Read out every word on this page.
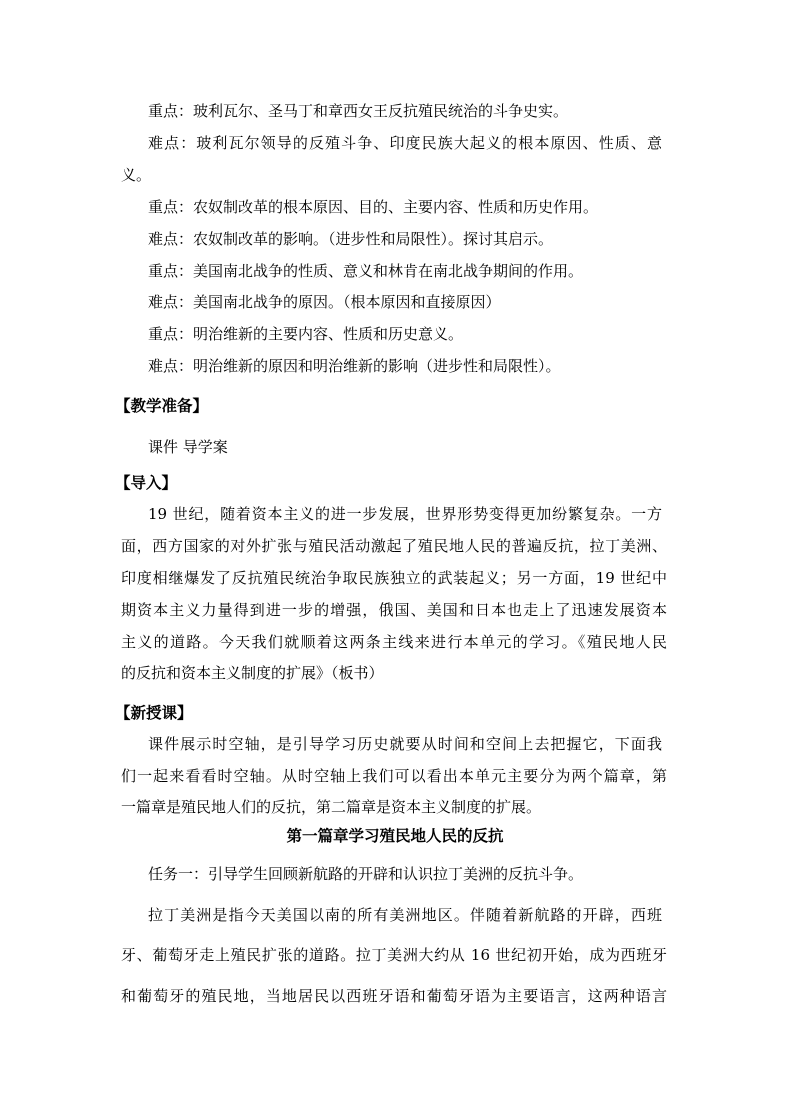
重点：玻利瓦尔、圣马丁和章西女王反抗殖民统治的斗争史实。
难点：玻利瓦尔领导的反殖斗争、印度民族大起义的根本原因、性质、意
义。
重点：农奴制改革的根本原因、目的、主要内容、性质和历史作用。
难点：农奴制改革的影响。（进步性和局限性）。探讨其启示。
重点：美国南北战争的性质、意义和林肯在南北战争期间的作用。
难点：美国南北战争的原因。（根本原因和直接原因）
重点：明治维新的主要内容、性质和历史意义。
难点：明治维新的原因和明治维新的影响（进步性和局限性）。
【教学准备】
课件 导学案
【导入】
19 世纪，随着资本主义的进一步发展，世界形势变得更加纷繁复杂。一方
面，西方国家的对外扩张与殖民活动激起了殖民地人民的普遍反抗，拉丁美洲、
印度相继爆发了反抗殖民统治争取民族独立的武装起义；另一方面，19 世纪中
期资本主义力量得到进一步的增强，俄国、美国和日本也走上了迅速发展资本
主义的道路。今天我们就顺着这两条主线来进行本单元的学习。《殖民地人民
的反抗和资本主义制度的扩展》（板书）
【新授课】
课件展示时空轴，是引导学习历史就要从时间和空间上去把握它，下面我
们一起来看看时空轴。从时空轴上我们可以看出本单元主要分为两个篇章，第
一篇章是殖民地人们的反抗，第二篇章是资本主义制度的扩展。
第一篇章学习殖民地人民的反抗
任务一：引导学生回顾新航路的开辟和认识拉丁美洲的反抗斗争。
拉丁美洲是指今天美国以南的所有美洲地区。伴随着新航路的开辟，西班
牙、葡萄牙走上殖民扩张的道路。拉丁美洲大约从 16 世纪初开始，成为西班牙
和葡萄牙的殖民地，当地居民以西班牙语和葡萄牙语为主要语言，这两种语言
